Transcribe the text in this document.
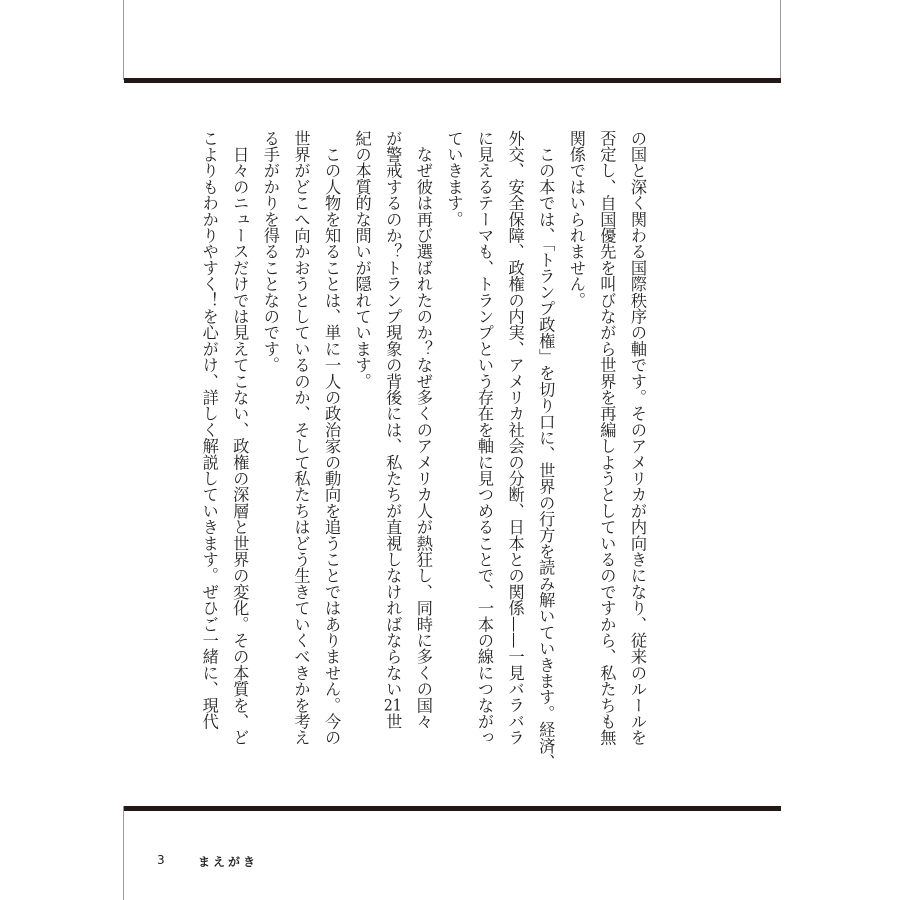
の国と深く関わる国際秩序の軸です。そのアメリカが内向きになり、従来のルールを
否定し、自国優先を叫びながら世界を再編しようとしているのですから、私たちも無
関係ではいられません。
　この本では、「トランプ政権」を切り口に、世界の行方を読み解いていきます。経済、
外交、安全保障、政権の内実、アメリカ社会の分断、日本との関係——一見バラバラ
に見えるテーマも、トランプという存在を軸に見つめることで、一本の線につながっ
ていきます。
　なぜ彼は再び選ばれたのか？なぜ多くのアメリカ人が熱狂し、同時に多くの国々
が警戒するのか？トランプ現象の背後には、私たちが直視しなければならない21世
紀の本質的な問いが隠れています。
　この人物を知ることは、単に一人の政治家の動向を追うことではありません。今の
世界がどこへ向かおうとしているのか、そして私たちはどう生きていくべきかを考え
る手がかりを得ることなのです。
　日々のニュースだけでは見えてこない、政権の深層と世界の変化。その本質を、ど
こよりもわかりやすく！を心がけ、詳しく解説していきます。ぜひご一緒に、現代
3	まえがき
